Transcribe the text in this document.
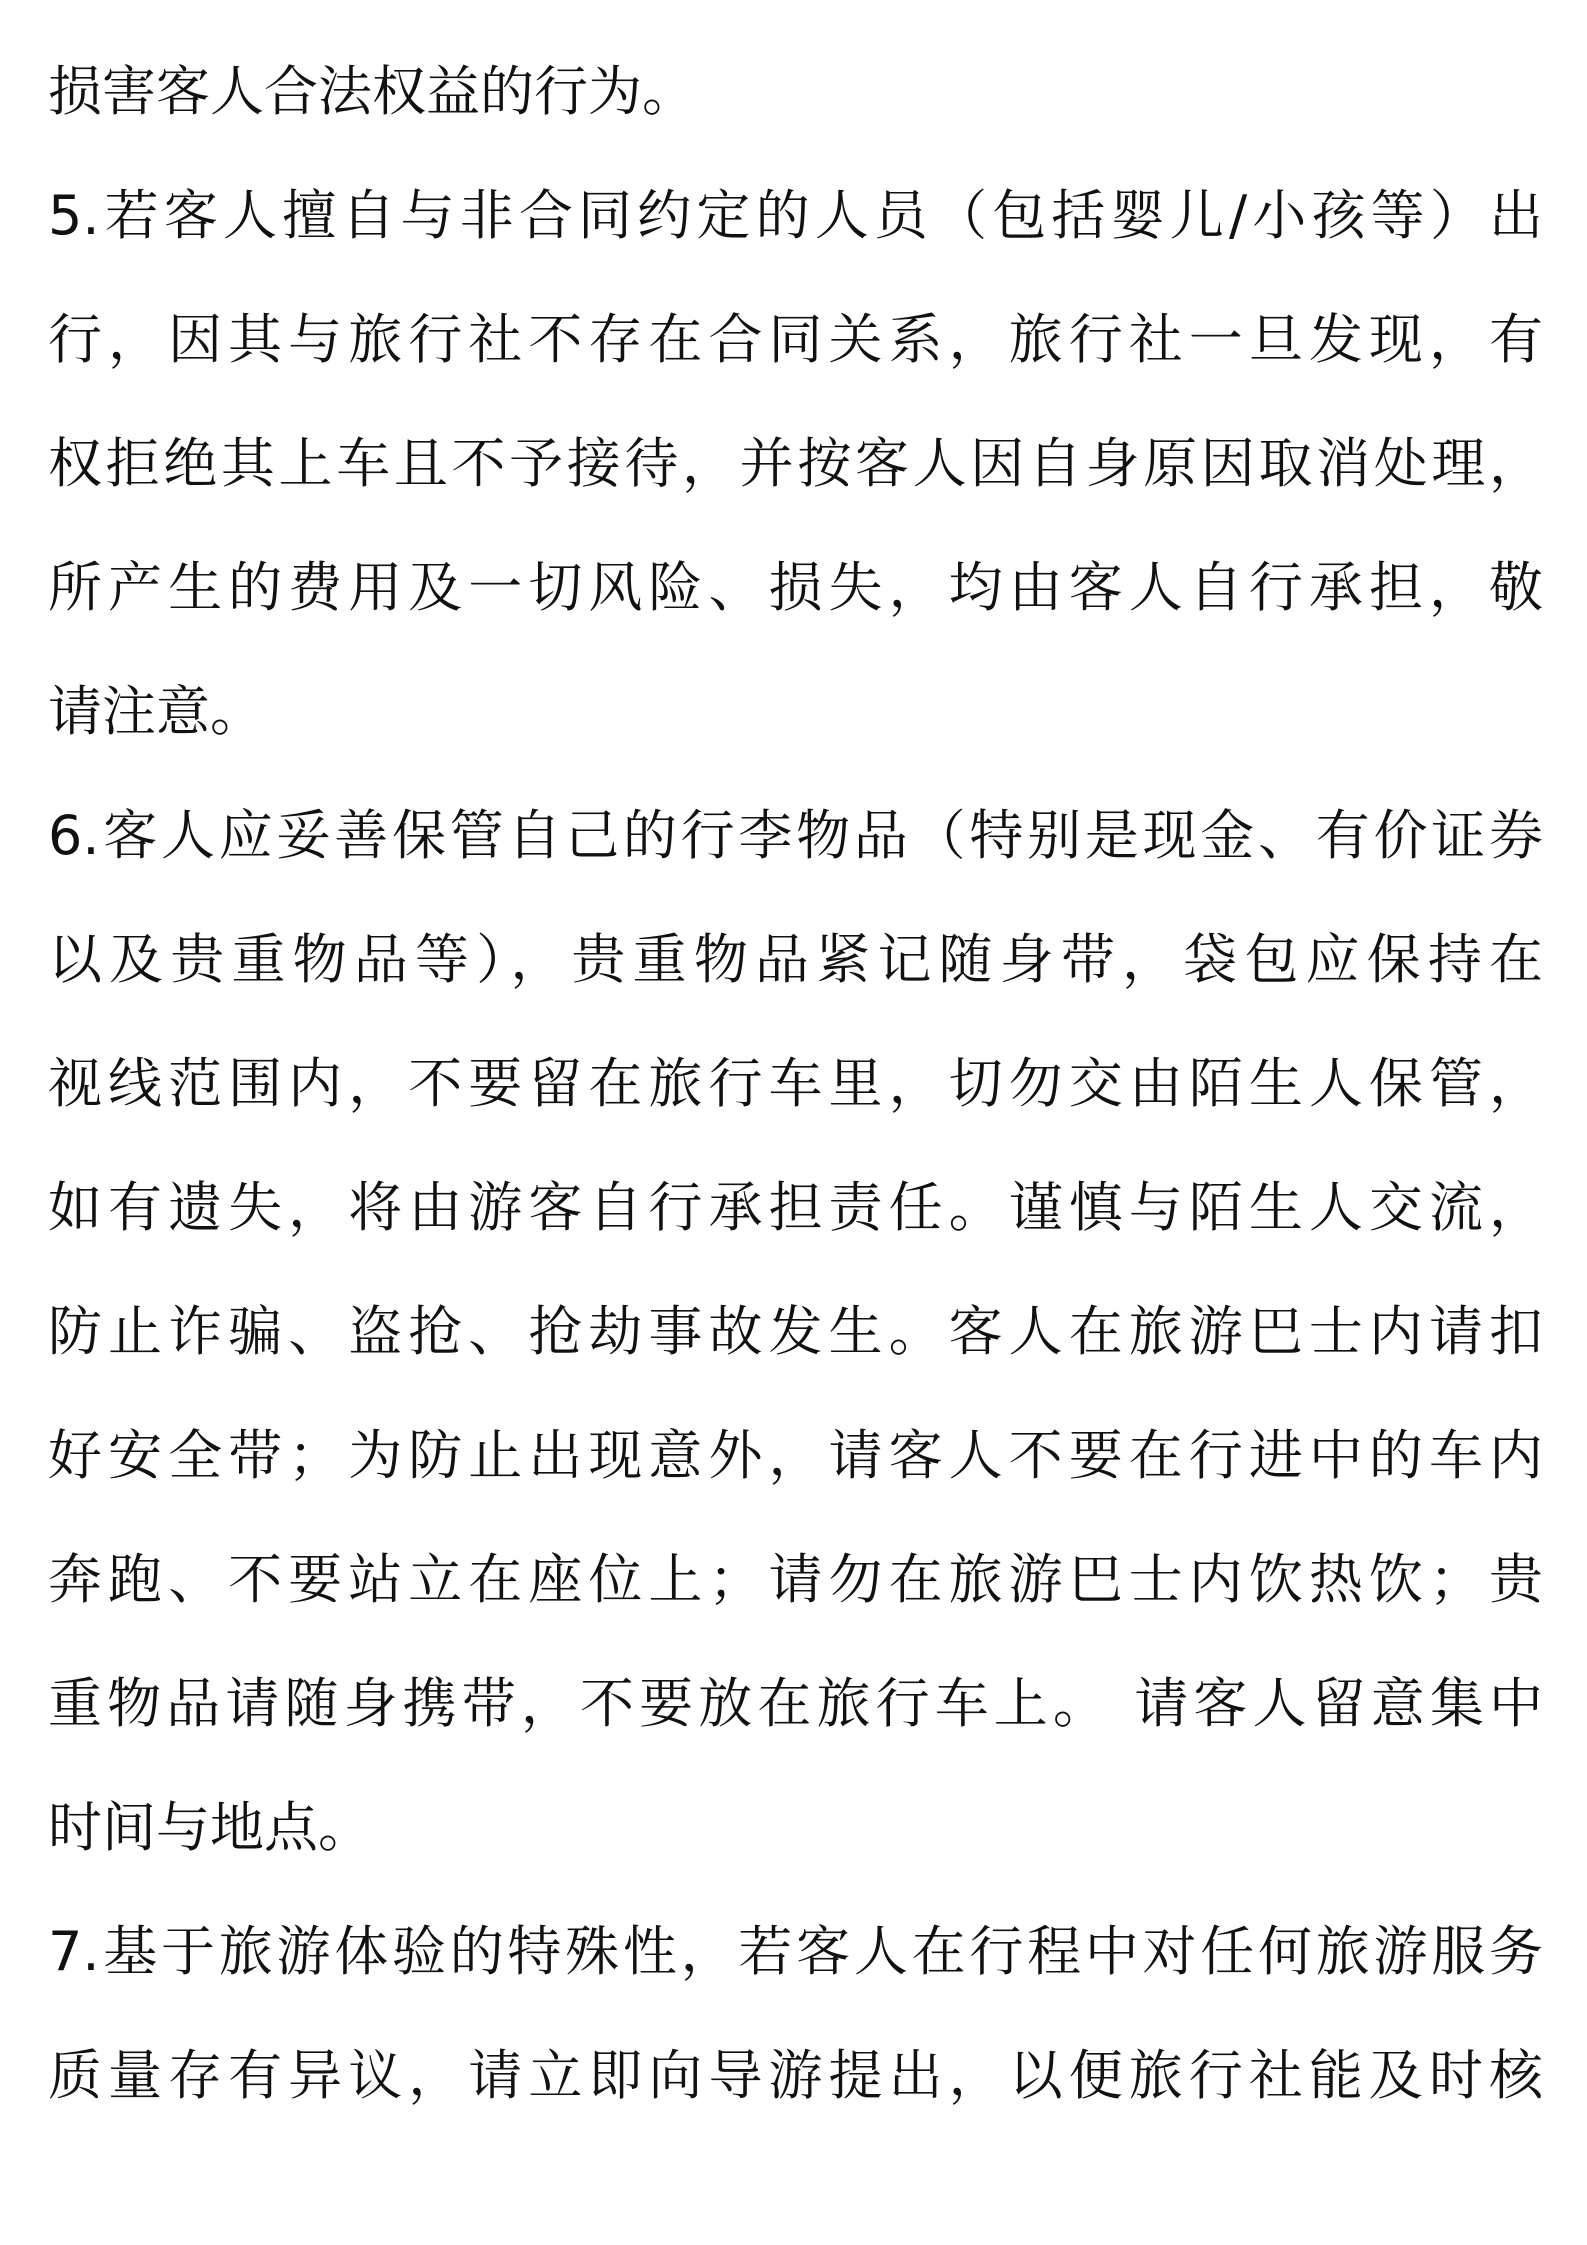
损害客人合法权益的行为。
5.若客人擅自与非合同约定的人员（包括婴儿/小孩等）出
行，因其与旅行社不存在合同关系，旅行社一旦发现，有
权拒绝其上车且不予接待，并按客人因自身原因取消处理，
所产生的费用及一切风险、损失，均由客人自行承担，敬
请注意。
6.客人应妥善保管自己的行李物品（特别是现金、有价证券
以及贵重物品等），贵重物品紧记随身带，袋包应保持在
视线范围内，不要留在旅行车里，切勿交由陌生人保管，
如有遗失，将由游客自行承担责任。谨慎与陌生人交流，
防止诈骗、盗抢、抢劫事故发生。客人在旅游巴士内请扣
好安全带；为防止出现意外，请客人不要在行进中的车内
奔跑、不要站立在座位上；请勿在旅游巴士内饮热饮；贵
重物品请随身携带，不要放在旅行车上。 请客人留意集中
时间与地点。
7.基于旅游体验的特殊性，若客人在行程中对任何旅游服务
质量存有异议，请立即向导游提出，以便旅行社能及时核
